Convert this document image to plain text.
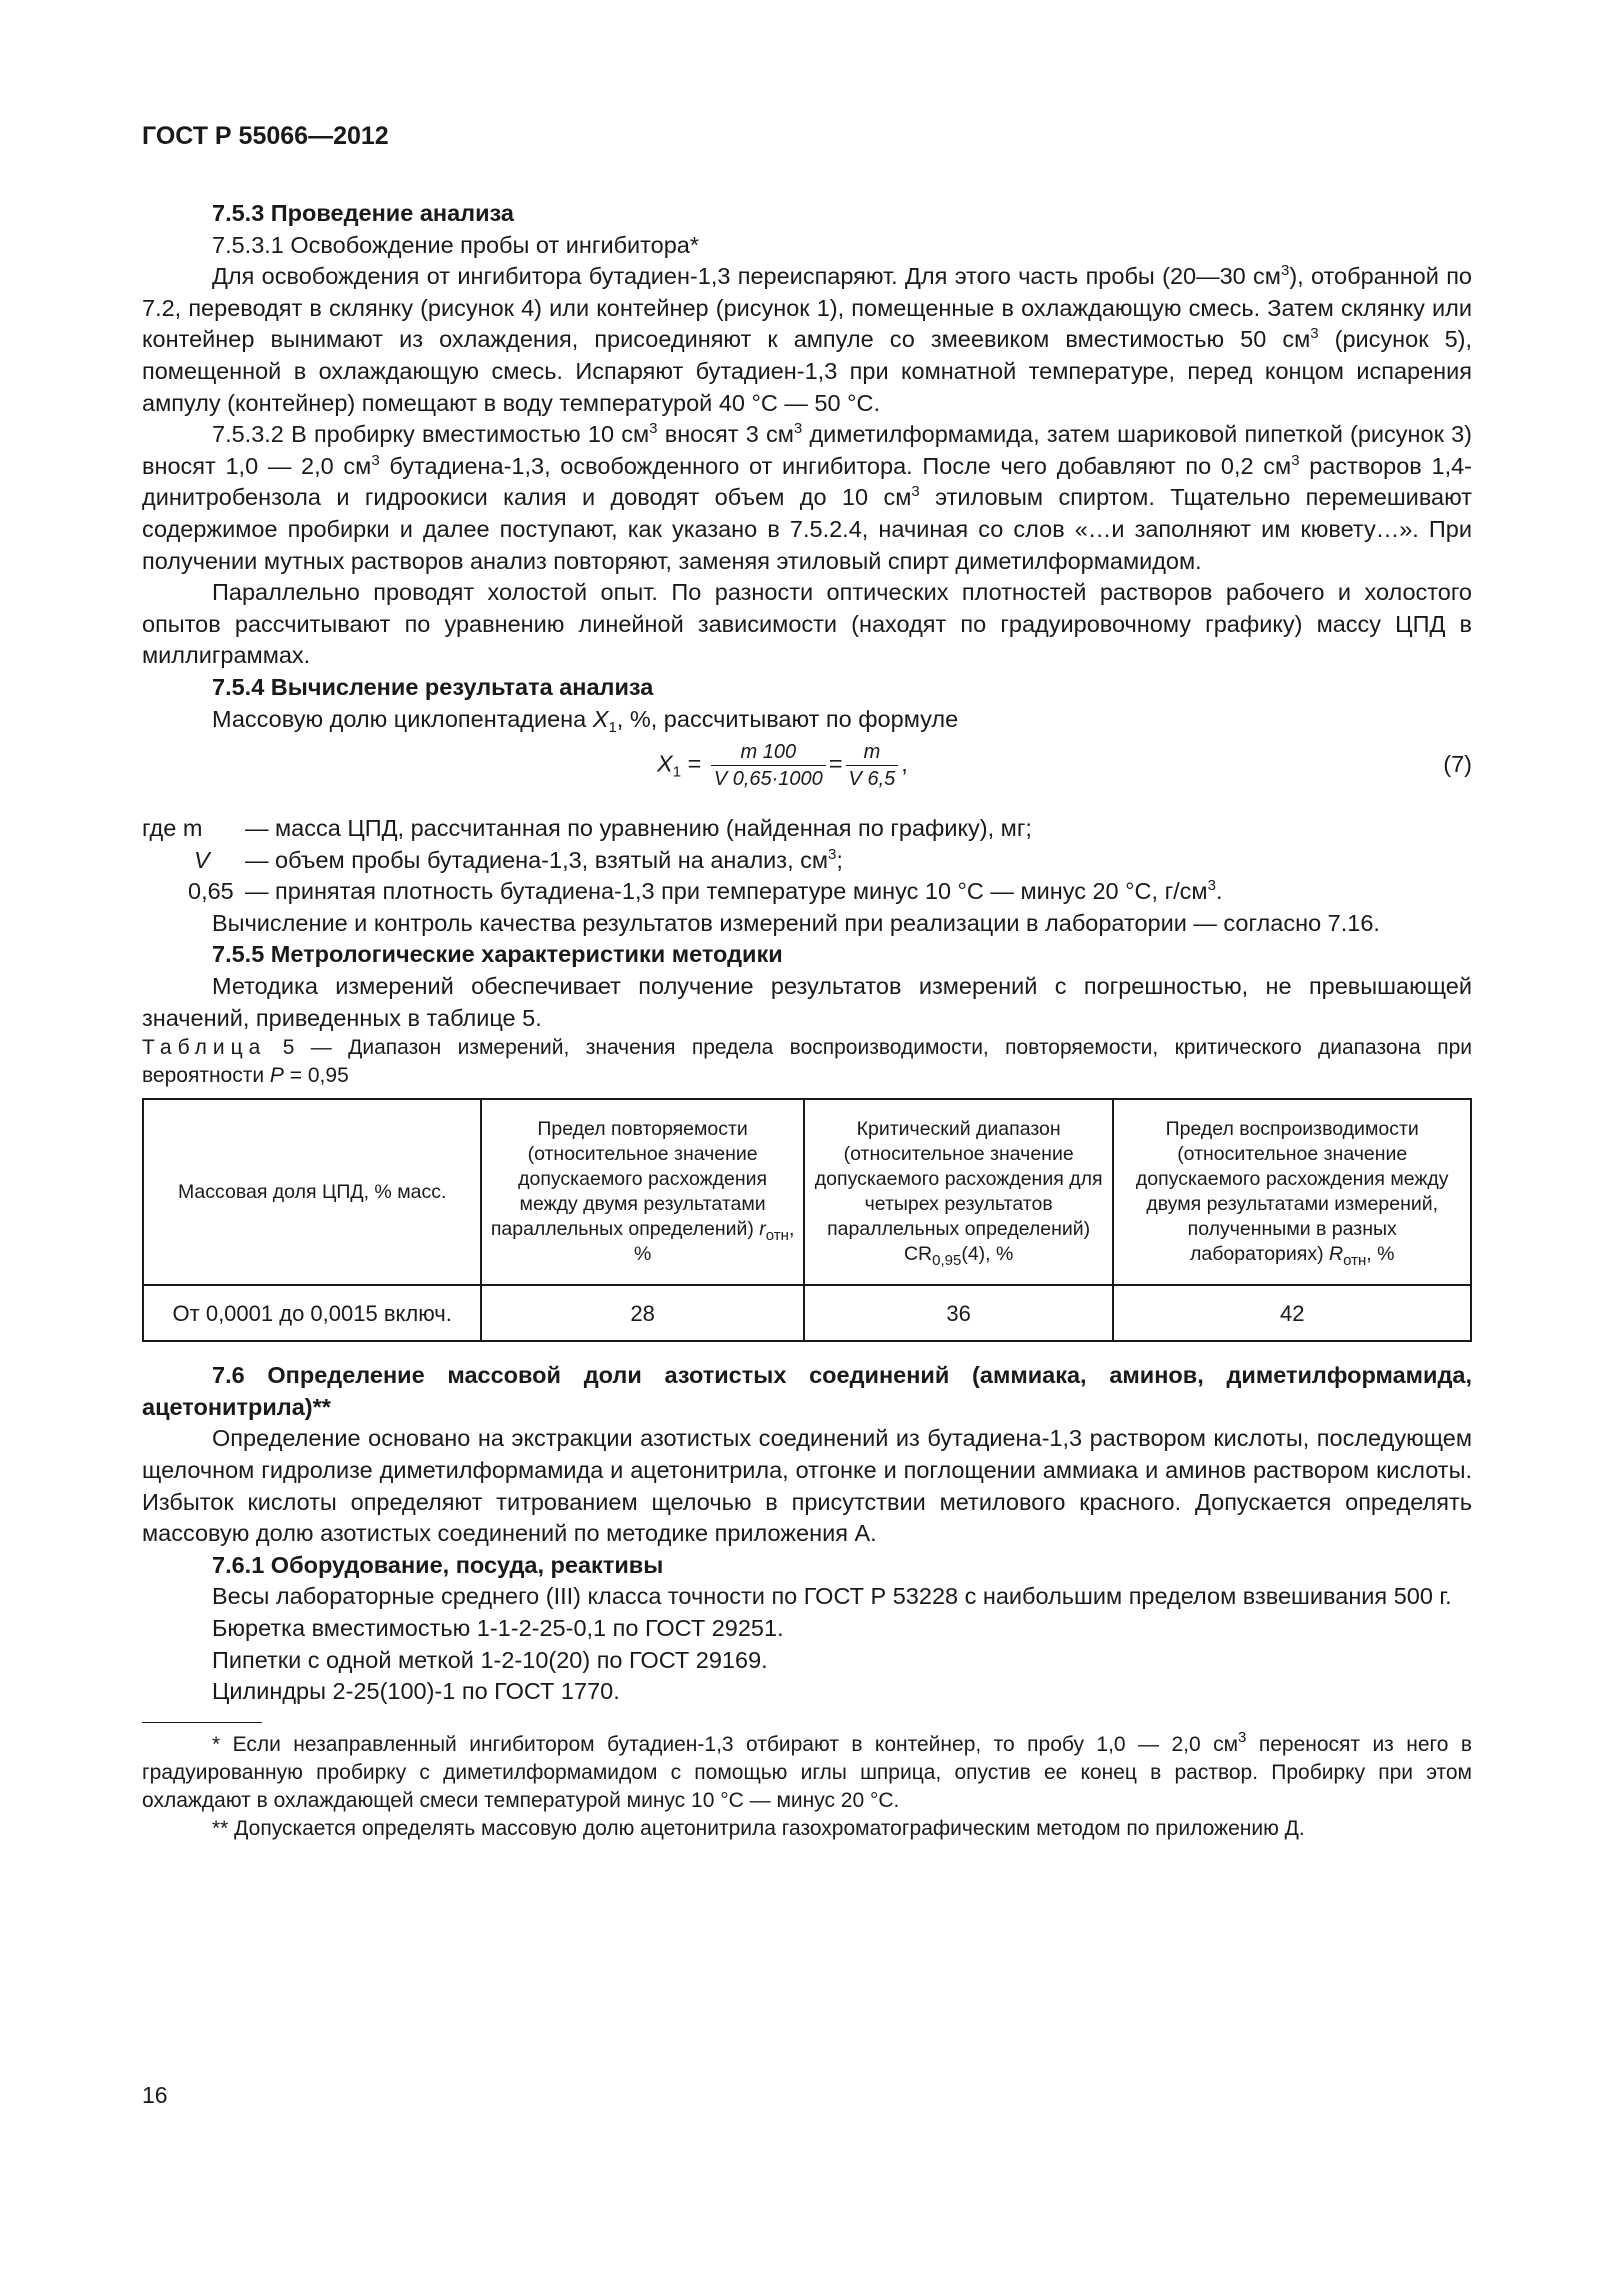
ГОСТ Р 55066—2012

7.5.3 Проведение анализа

7.5.3.1 Освобождение пробы от ингибитора*

Для освобождения от ингибитора бутадиен-1,3 переиспаряют. Для этого часть пробы (20—30 $см^3$), отобранной по 7.2, переводят в склянку (рисунок 4) или контейнер (рисунок 1), помещенные в охлаждающую смесь. Затем склянку или контейнер вынимают из охлаждения, присоединяют к ампуле со змеевиком вместимостью 50 $см^3$ (рисунок 5), помещенной в охлаждающую смесь. Испаряют бутадиен-1,3 при комнатной температуре, перед концом испарения ампулу (контейнер) помещают в воду температурой 40 °С — 50 °С.

7.5.3.2 В пробирку вместимостью 10 $см^3$ вносят 3 $см^3$ диметилформамида, затем шариковой пипеткой (рисунок 3) вносят 1,0 — 2,0 $см^3$ бутадиена-1,3, освобожденного от ингибитора. После чего добавляют по 0,2 $см^3$ растворов 1,4-динитробензола и гидроокиси калия и доводят объем до 10 $см^3$ этиловым спиртом. Тщательно перемешивают содержимое пробирки и далее поступают, как указано в 7.5.2.4, начиная со слов «…и заполняют им кювету…». При получении мутных растворов анализ повторяют, заменяя этиловый спирт диметилформамидом.

Параллельно проводят холостой опыт. По разности оптических плотностей растворов рабочего и холостого опытов рассчитывают по уравнению линейной зависимости (находят по градуировочному графику) массу ЦПД в миллиграммах.

7.5.4 Вычисление результата анализа

Массовую долю циклопентадиена $X_1$, %, рассчитывают по формуле

$X_1 = \frac{m 100}{V 0,65\cdot 1000} = \frac{m}{V 6,5}$ ,	(7)
где m — масса ЦПД, рассчитанная по уравнению (найденная по графику), мг;
V — объем пробы бутадиена-1,3, взятый на анализ, $см^3$;
0,65 — принятая плотность бутадиена-1,3 при температуре минус 10 °С — минус 20 °С, $г/см^3$.

Вычисление и контроль качества результатов измерений при реализации в лаборатории — согласно 7.16.

7.5.5 Метрологические характеристики методики

Методика измерений обеспечивает получение результатов измерений с погрешностью, не превышающей значений, приведенных в таблице 5.

Таблица 5 — Диапазон измерений, значения предела воспроизводимости, повторяемости, критического диапазона при вероятности Р = 0,95

Массовая доля ЦПД, % масс.	Предел повторяемости (относительное значение допускаемого расхождения между двумя результатами параллельных определений) $r_{отн}$, %	Критический диапазон (относительное значение допускаемого расхождения для четырех результатов параллельных определений) $CR_{0,95}(4)$, %	Предел воспроизводимости (относительное значение допускаемого расхождения между двумя результатами измерений, полученными в разных лабораториях) $R_{отн}$, %
От 0,0001 до 0,0015 включ.	28	36	42

7.6 Определение массовой доли азотистых соединений (аммиака, аминов, диметилформамида, ацетонитрила)**

Определение основано на экстракции азотистых соединений из бутадиена-1,3 раствором кислоты, последующем щелочном гидролизе диметилформамида и ацетонитрила, отгонке и поглощении аммиака и аминов раствором кислоты. Избыток кислоты определяют титрованием щелочью в присутствии метилового красного. Допускается определять массовую долю азотистых соединений по методике приложения А.

7.6.1 Оборудование, посуда, реактивы

Весы лабораторные среднего (III) класса точности по ГОСТ Р 53228 с наибольшим пределом взвешивания 500 г.

Бюретка вместимостью 1-1-2-25-0,1 по ГОСТ 29251.

Пипетки с одной меткой 1-2-10(20) по ГОСТ 29169.

Цилиндры 2-25(100)-1 по ГОСТ 1770.

* Если незаправленный ингибитором бутадиен-1,3 отбирают в контейнер, то пробу 1,0 — 2,0 $см^3$ переносят из него в градуированную пробирку с диметилформамидом с помощью иглы шприца, опустив ее конец в раствор. Пробирку при этом охлаждают в охлаждающей смеси температурой минус 10 °С — минус 20 °С.

** Допускается определять массовую долю ацетонитрила газохроматографическим методом по приложению Д.

16
